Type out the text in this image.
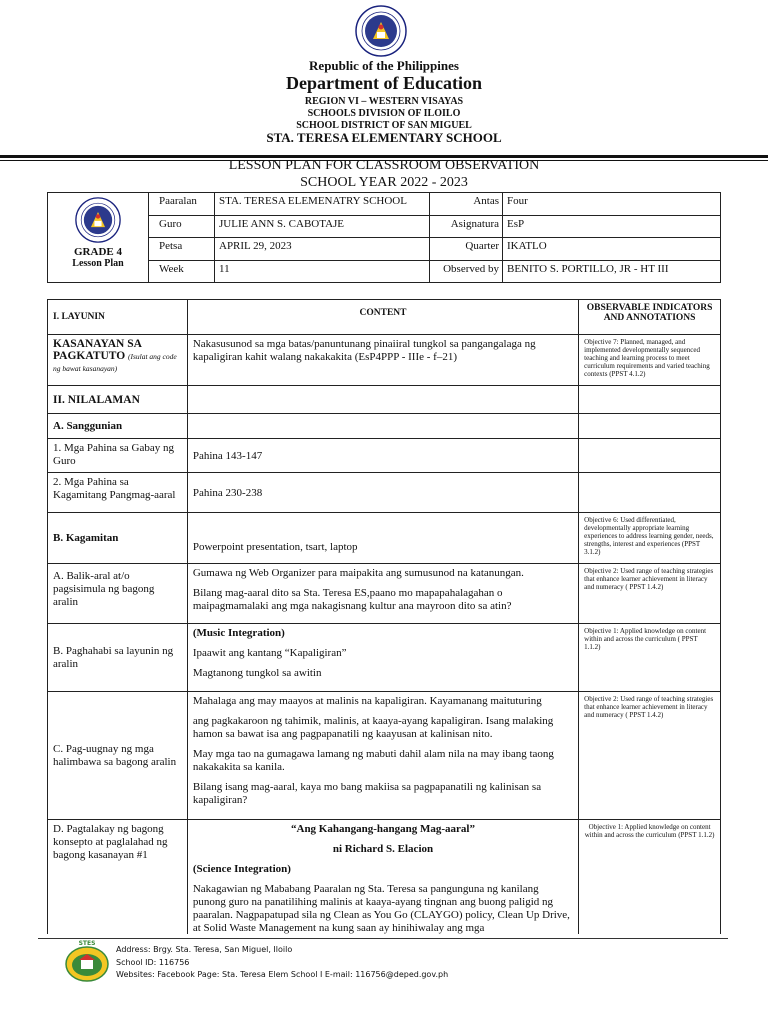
Republic of the Philippines
Department of Education
REGION VI – WESTERN VISAYAS
SCHOOLS DIVISION OF ILOILO
SCHOOL DISTRICT OF SAN MIGUEL
STA. TERESA ELEMENTARY SCHOOL
LESSON PLAN FOR CLASSROOM OBSERVATION
SCHOOL YEAR 2022 - 2023
GRADE 4
Lesson Plan	Paaralan	STA. TERESA ELEMENATRY SCHOOL	Antas	Four
	Guro	JULIE ANN S. CABOTAJE	Asignatura	EsP
	Petsa	APRIL 29, 2023	Quarter	IKATLO
	Week	11	Observed by	BENITO S. PORTILLO, JR - HT III
I. LAYUNIN	CONTENT	OBSERVABLE INDICATORS AND ANNOTATIONS
KASANAYAN SA PAGKATUTO (Isulat ang code ng bawat kasanayan)	Nakasusunod sa mga batas/panuntunang pinaiiral tungkol sa pangangalaga ng kapaligiran kahit walang nakakakita (EsP4PPP - IIIe - f–21)	Objective 7: Planned, managed, and implemented developmentally sequenced teaching and learning process to meet curriculum requirements and varied teaching contexts (PPST 4.1.2)
II. NILALAMAN		
A. Sanggunian		
1. Mga Pahina sa Gabay ng Guro	Pahina 143-147	
2. Mga Pahina sa Kagamitang Pangmag-aaral	Pahina 230-238	
B. Kagamitan	Powerpoint presentation, tsart, laptop	Objective 6: Used differentiated, developmentally appropriate learning experiences to address learning gender, needs, strengths, interest and experiences (PPST 3.1.2)
A. Balik-aral at/o pagsisimula ng bagong aralin	Gumawa ng Web Organizer para maipakita ang sumusunod na katanungan.

Bilang mag-aaral dito sa Sta. Teresa ES,paano mo mapapahalagahan o maipagmamalaki ang mga nakagisnang kultur ana mayroon dito sa atin?	Objective 2: Used range of teaching strategies that enhance learner achievement in literacy and numeracy ( PPST 1.4.2)
B. Paghahabi sa layunin ng aralin	(Music Integration)

Ipaawit ang kantang “Kapaligiran”

Magtanong tungkol sa awitin	Objective 1: Applied knowledge on content within and across the curriculum ( PPST 1.1.2)
C. Pag-uugnay ng mga halimbawa sa bagong aralin	Mahalaga ang may maayos at malinis na kapaligiran. Kayamanang maituturing

ang pagkakaroon ng tahimik, malinis, at kaaya-ayang kapaligiran. Isang malaking hamon sa bawat isa ang pagpapanatili ng kaayusan at kalinisan nito.

May mga tao na gumagawa lamang ng mabuti dahil alam nila na may ibang taong nakakakita sa kanila.

Bilang isang mag-aaral, kaya mo bang makiisa sa pagpapanatili ng kalinisan sa kapaligiran?	Objective 2: Used range of teaching strategies that enhance learner achievement in literacy and numeracy ( PPST 1.4.2)
D. Pagtalakay ng bagong konsepto at paglalahad ng bagong kasanayan #1	“Ang Kahangang-hangang Mag-aaral”

ni Richard S. Elacion

(Science Integration)

Nakagawian ng Mababang Paaralan ng Sta. Teresa sa pangunguna ng kanilang punong guro na panatilihing malinis at kaaya-ayang tingnan ang buong paligid ng paaralan. Nagpapatupad sila ng Clean as You Go (CLAYGO) policy, Clean Up Drive, at Solid Waste Management na kung saan ay hinihiwalay ang mga	Objective 1: Applied knowledge on content within and across the curriculum (PPST 1.1.2)
STES
Address: Brgy. Sta. Teresa, San Miguel, Iloilo
School ID: 116756
Websites: Facebook Page: Sta. Teresa Elem School I E-mail: 116756@deped.gov.ph
